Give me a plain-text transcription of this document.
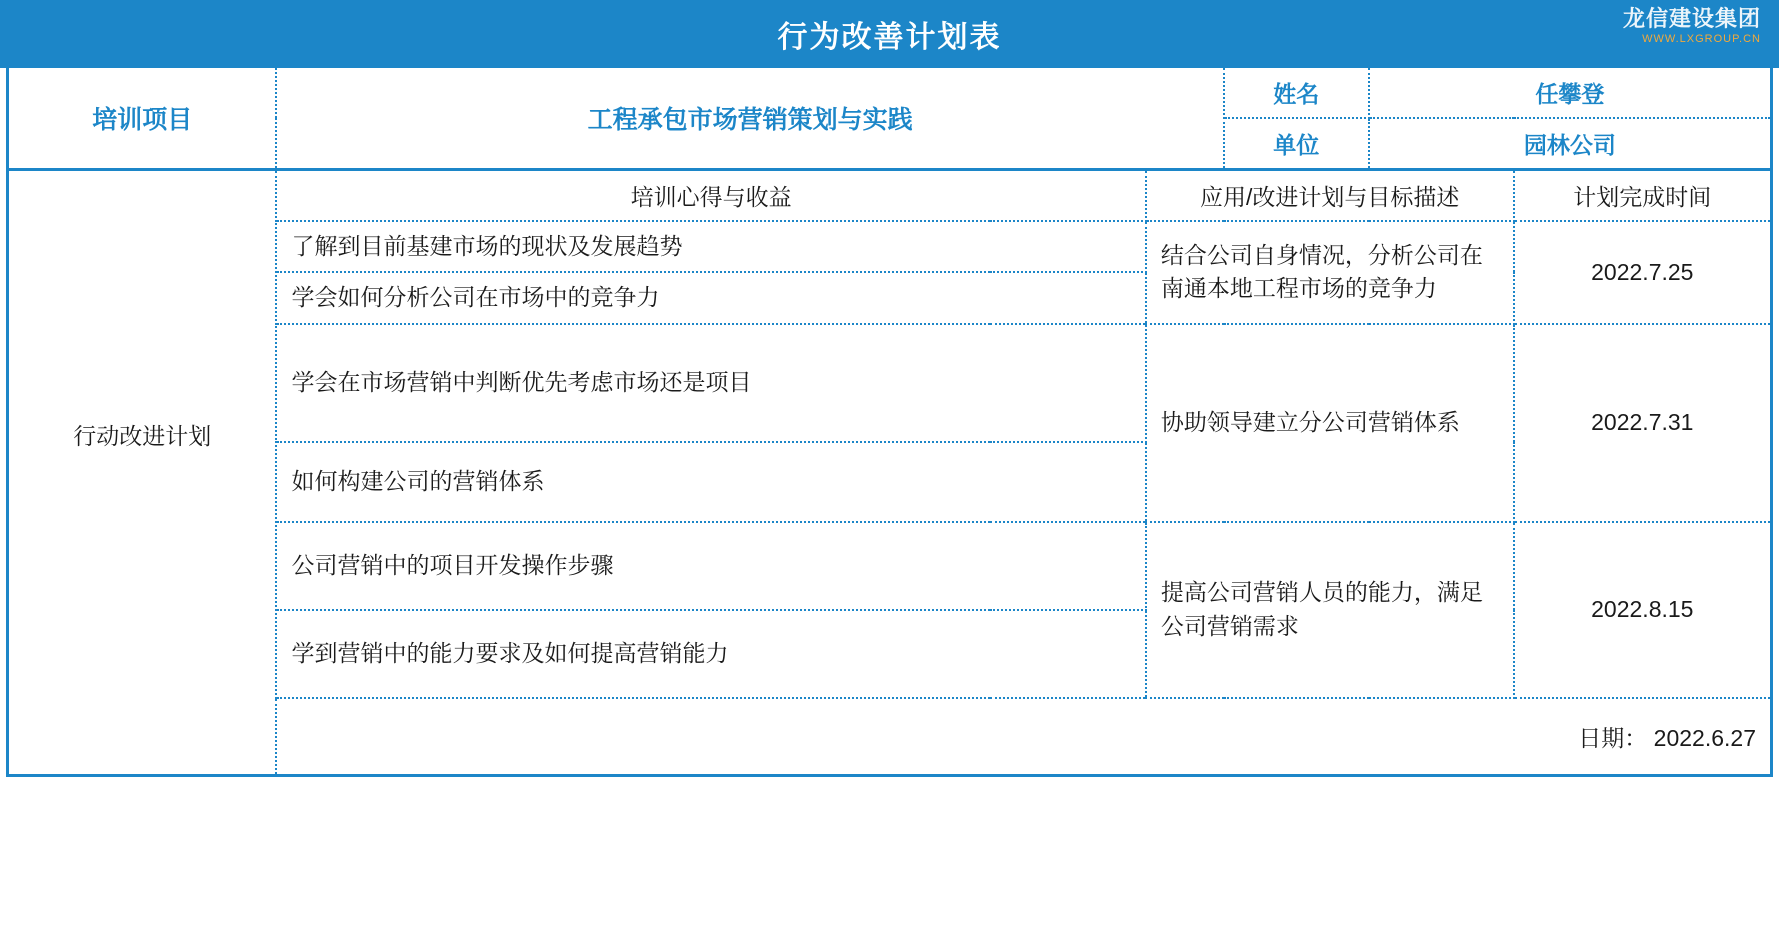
行为改善计划表
龙信建设集团
WWW.LXGROUP.CN
培训项目	工程承包市场营销策划与实践		姓名	任攀登	
			单位	园林公司	
行动改进计划	培训心得与收益	应用/改进计划与目标描述			计划完成时间
	了解到目前基建市场的现状及发展趋势	结合公司自身情况，分析公司在南通本地工程市场的竞争力			2022.7.25
	学会如何分析公司在市场中的竞争力				
	学会在市场营销中判断优先考虑市场还是项目	协助领导建立分公司营销体系			2022.7.31
	如何构建公司的营销体系				
	公司营销中的项目开发操作步骤	提高公司营销人员的能力，满足公司营销需求			2022.8.15
	学到营销中的能力要求及如何提高营销能力				
	日期： 2022.6.27				
